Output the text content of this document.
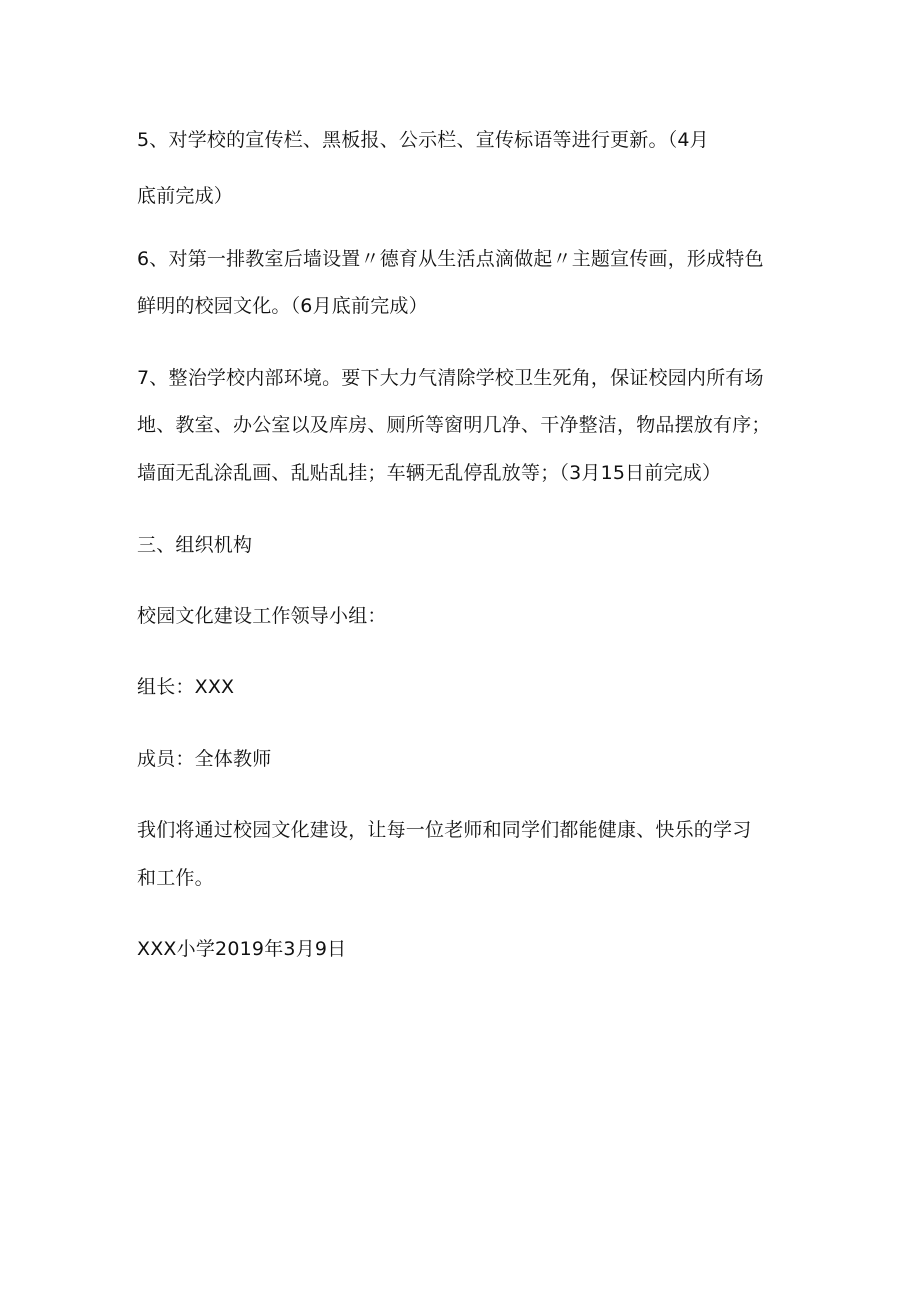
5、对学校的宣传栏、黑板报、公示栏、宣传标语等进行更新。（4月
底前完成）
6、对第一排教室后墙设置〃德育从生活点滴做起〃主题宣传画，形成特色
鲜明的校园文化。（6月底前完成）
7、整治学校内部环境。要下大力气清除学校卫生死角，保证校园内所有场
地、教室、办公室以及库房、厕所等窗明几净、干净整洁，物品摆放有序；
墙面无乱涂乱画、乱贴乱挂；车辆无乱停乱放等；（3月15日前完成）
三、组织机构
校园文化建设工作领导小组：
组长：XXX
成员：全体教师
我们将通过校园文化建设，让每一位老师和同学们都能健康、快乐的学习
和工作。
XXX小学2019年3月9日
